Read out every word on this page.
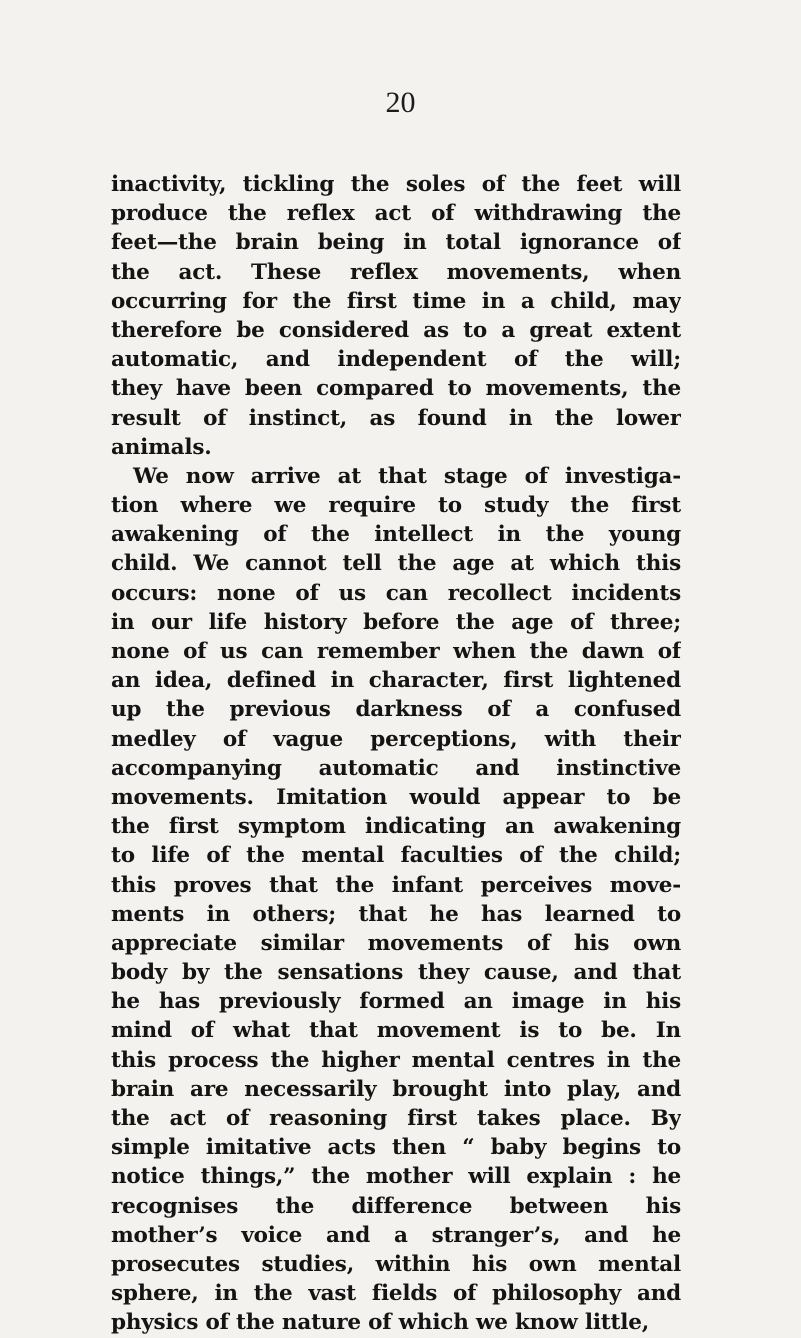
20
inactivity, tickling the soles of the feet will
produce the reflex act of withdrawing the
feet—the brain being in total ignorance of
the act. These reflex movements, when
occurring for the first time in a child, may
therefore be considered as to a great extent
automatic, and independent of the will;
they have been compared to movements, the
result of instinct, as found in the lower
animals.
We now arrive at that stage of investiga-
tion where we require to study the first
awakening of the intellect in the young
child. We cannot tell the age at which this
occurs: none of us can recollect incidents
in our life history before the age of three;
none of us can remember when the dawn of
an idea, defined in character, first lightened
up the previous darkness of a confused
medley of vague perceptions, with their
accompanying automatic and instinctive
movements. Imitation would appear to be
the first symptom indicating an awakening
to life of the mental faculties of the child;
this proves that the infant perceives move-
ments in others; that he has learned to
appreciate similar movements of his own
body by the sensations they cause, and that
he has previously formed an image in his
mind of what that movement is to be. In
this process the higher mental centres in the
brain are necessarily brought into play, and
the act of reasoning first takes place. By
simple imitative acts then “ baby begins to
notice things,” the mother will explain : he
recognises the difference between his
mother’s voice and a stranger’s, and he
prosecutes studies, within his own mental
sphere, in the vast fields of philosophy and
physics of the nature of which we know little,
